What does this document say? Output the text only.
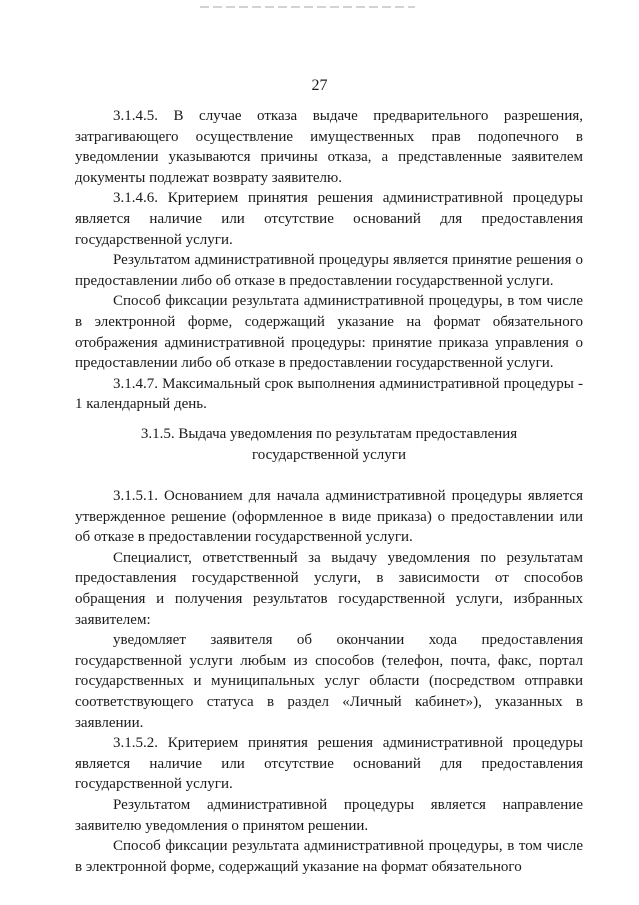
27

3.1.4.5. В случае отказа выдаче предварительного разрешения, затрагивающего осуществление имущественных прав подопечного в уведомлении указываются причины отказа, а представленные заявителем документы подлежат возврату заявителю.

3.1.4.6. Критерием принятия решения административной процедуры является наличие или отсутствие оснований для предоставления государственной услуги.

Результатом административной процедуры является принятие решения о предоставлении либо об отказе в предоставлении государственной услуги.

Способ фиксации результата административной процедуры, в том числе в электронной форме, содержащий указание на формат обязательного отображения административной процедуры: принятие приказа управления о предоставлении либо об отказе в предоставлении государственной услуги.

3.1.4.7. Максимальный срок выполнения административной процедуры - 1 календарный день.

3.1.5. Выдача уведомления по результатам предоставления
государственной услуги

3.1.5.1. Основанием для начала административной процедуры является утвержденное решение (оформленное в виде приказа) о предоставлении или об отказе в предоставлении государственной услуги.

Специалист, ответственный за выдачу уведомления по результатам предоставления государственной услуги, в зависимости от способов обращения и получения результатов государственной услуги, избранных заявителем:

уведомляет заявителя об окончании хода предоставления государственной услуги любым из способов (телефон, почта, факс, портал государственных и муниципальных услуг области (посредством отправки соответствующего статуса в раздел «Личный кабинет»), указанных в заявлении.

3.1.5.2. Критерием принятия решения административной процедуры является наличие или отсутствие оснований для предоставления государственной услуги.

Результатом административной процедуры является направление заявителю уведомления о принятом решении.

Способ фиксации результата административной процедуры, в том числе в электронной форме, содержащий указание на формат обязательного
